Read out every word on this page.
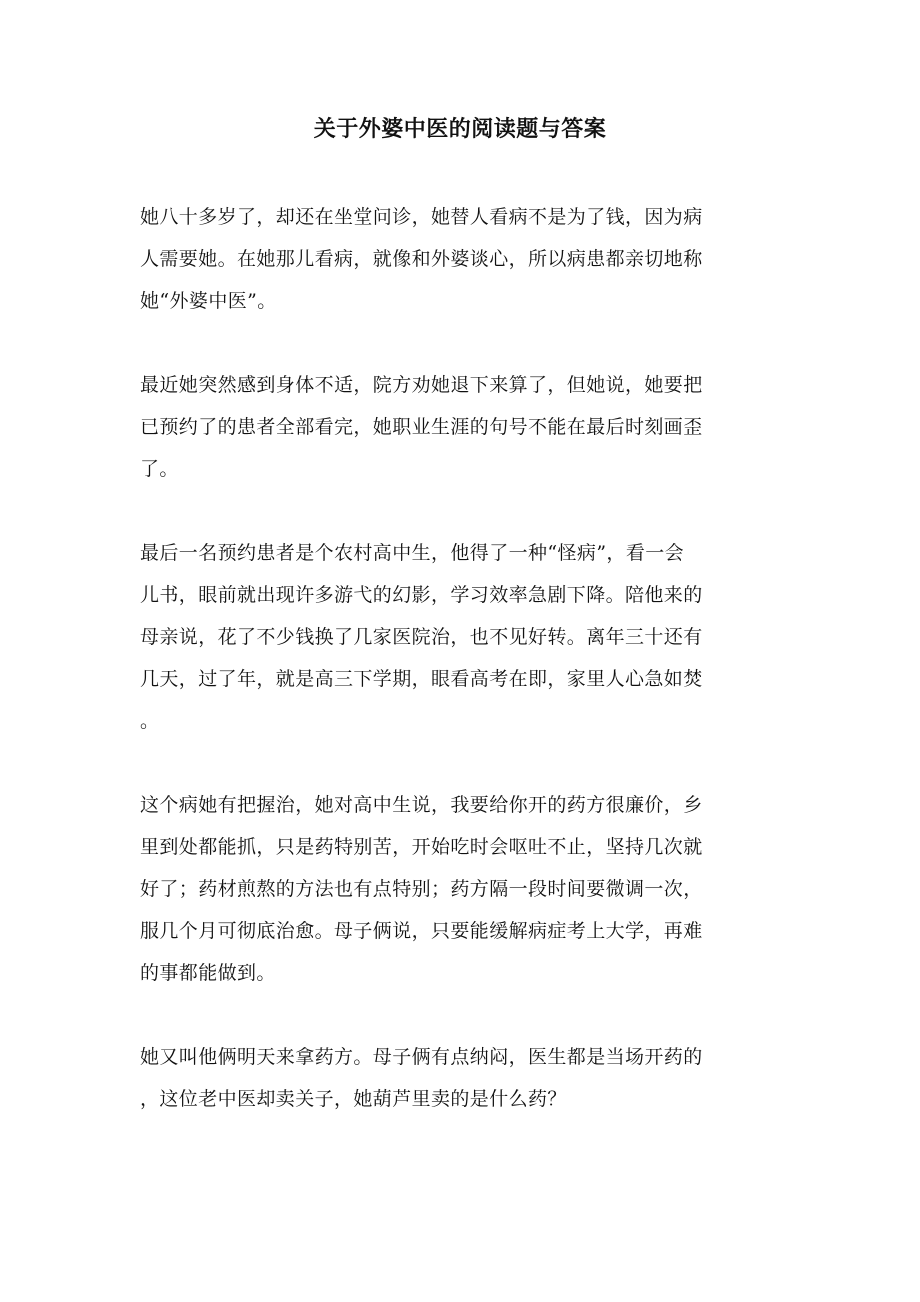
关于外婆中医的阅读题与答案

她八十多岁了，却还在坐堂问诊，她替人看病不是为了钱，因为病
人需要她。在她那儿看病，就像和外婆谈心，所以病患都亲切地称
她“外婆中医”。

最近她突然感到身体不适，院方劝她退下来算了，但她说，她要把
已预约了的患者全部看完，她职业生涯的句号不能在最后时刻画歪
了。

最后一名预约患者是个农村高中生，他得了一种“怪病”，看一会
儿书，眼前就出现许多游弋的幻影，学习效率急剧下降。陪他来的
母亲说，花了不少钱换了几家医院治，也不见好转。离年三十还有
几天，过了年，就是高三下学期，眼看高考在即，家里人心急如焚
。

这个病她有把握治，她对高中生说，我要给你开的药方很廉价，乡
里到处都能抓，只是药特别苦，开始吃时会呕吐不止，坚持几次就
好了；药材煎熬的方法也有点特别；药方隔一段时间要微调一次，
服几个月可彻底治愈。母子俩说，只要能缓解病症考上大学，再难
的事都能做到。

她又叫他俩明天来拿药方。母子俩有点纳闷，医生都是当场开药的
，这位老中医却卖关子，她葫芦里卖的是什么药？
